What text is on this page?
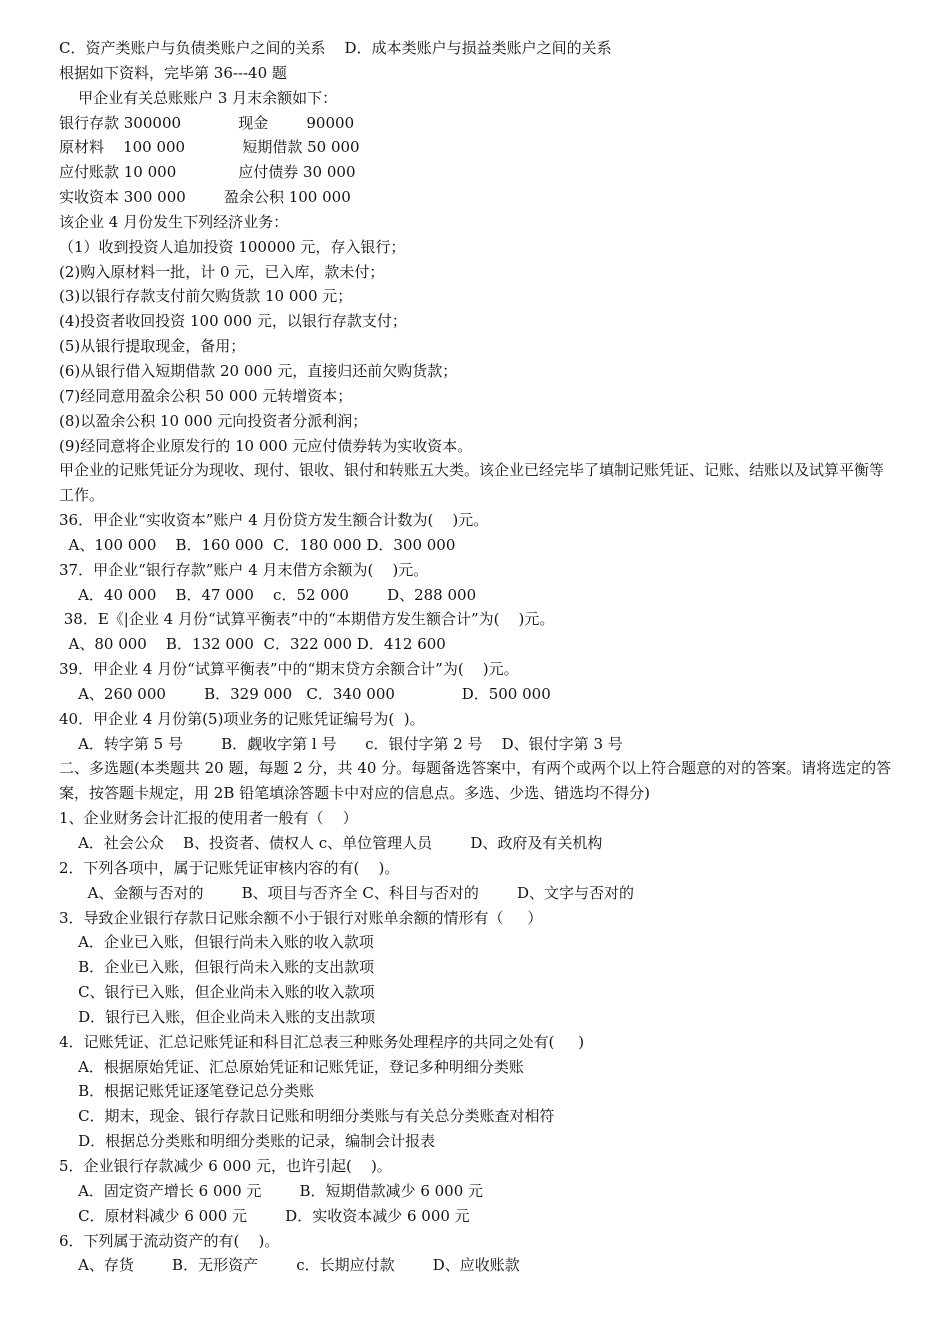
C．资产类账户与负债类账户之间的关系    D．成本类账户与损益类账户之间的关系

根据如下资料，完毕第 36---40 题

甲企业有关总账账户 3 月末余额如下：

银行存款 300000            现金        90000

原材料    100 000            短期借款 50 000

应付账款 10 000             应付债券 30 000

实收资本 300 000        盈余公积 100 000

该企业 4 月份发生下列经济业务：

（1）收到投资人追加投资 100000 元，存入银行；

(2)购入原材料一批，计 0 元，已入库，款未付；

(3)以银行存款支付前欠购货款 10 000 元；

(4)投资者收回投资 100 000 元，以银行存款支付；

(5)从银行提取现金，备用；

(6)从银行借入短期借款 20 000 元，直接归还前欠购货款；

(7)经同意用盈余公积 50 000 元转增资本；

(8)以盈余公积 10 000 元向投资者分派利润；

(9)经同意将企业原发行的 10 000 元应付债券转为实收资本。

甲企业的记账凭证分为现收、现付、银收、银付和转账五大类。该企业已经完毕了填制记账凭证、记账、结账以及试算平衡等工作。

36．甲企业“实收资本”账户 4 月份贷方发生额合计数为(    )元。

A、100 000    B．160 000  C．180 000 D．300 000

37．甲企业“银行存款”账户 4 月末借方余额为(    )元。

A．40 000    B．47 000    c．52 000        D、288 000

38．E《|企业 4 月份“试算平衡表”中的“本期借方发生额合计”为(    )元。

A、80 000    B．132 000  C．322 000 D．412 600

39．甲企业 4 月份“试算平衡表”中的“期末贷方余额合计”为(    )元。

A、260 000        B．329 000   C．340 000              D．500 000

40．甲企业 4 月份第(5)项业务的记账凭证编号为(  )。

A．转字第 5 号        B．觑收字第 l 号      c．银付字第 2 号    D、银付字第 3 号

二、多选题(本类题共 20 题，每题 2 分，共 40 分。每题备选答案中，有两个或两个以上符合题意的对的答案。请将选定的答案，按答题卡规定，用 2B 铅笔填涂答题卡中对应的信息点。多选、少选、错选均不得分)

1、企业财务会计汇报的使用者一般有（    ）

A．社会公众    B、投资者、债权人 c、单位管理人员        D、政府及有关机构

2．下列各项中，属于记账凭证审核内容的有(    )。

A、金额与否对的        B、项目与否齐全 C、科目与否对的        D、文字与否对的

3．导致企业银行存款日记账余额不小于银行对账单余额的情形有（     ）

A．企业已入账，但银行尚未入账的收入款项

B．企业已入账，但银行尚未入账的支出款项

C、银行已入账，但企业尚未入账的收入款项

D．银行已入账，但企业尚未入账的支出款项

4．记账凭证、汇总记账凭证和科目汇总表三种账务处理程序的共同之处有(     )

A．根据原始凭证、汇总原始凭证和记账凭证，登记多种明细分类账

B．根据记账凭证逐笔登记总分类账

C．期末，现金、银行存款日记账和明细分类账与有关总分类账查对相符

D．根据总分类账和明细分类账的记录，编制会计报表

5．企业银行存款减少 6 000 元，也许引起(    )。

A．固定资产增长 6 000 元        B．短期借款减少 6 000 元

C．原材料减少 6 000 元        D．实收资本减少 6 000 元

6．下列属于流动资产的有(    )。

A、存货        B．无形资产        c．长期应付款        D、应收账款
